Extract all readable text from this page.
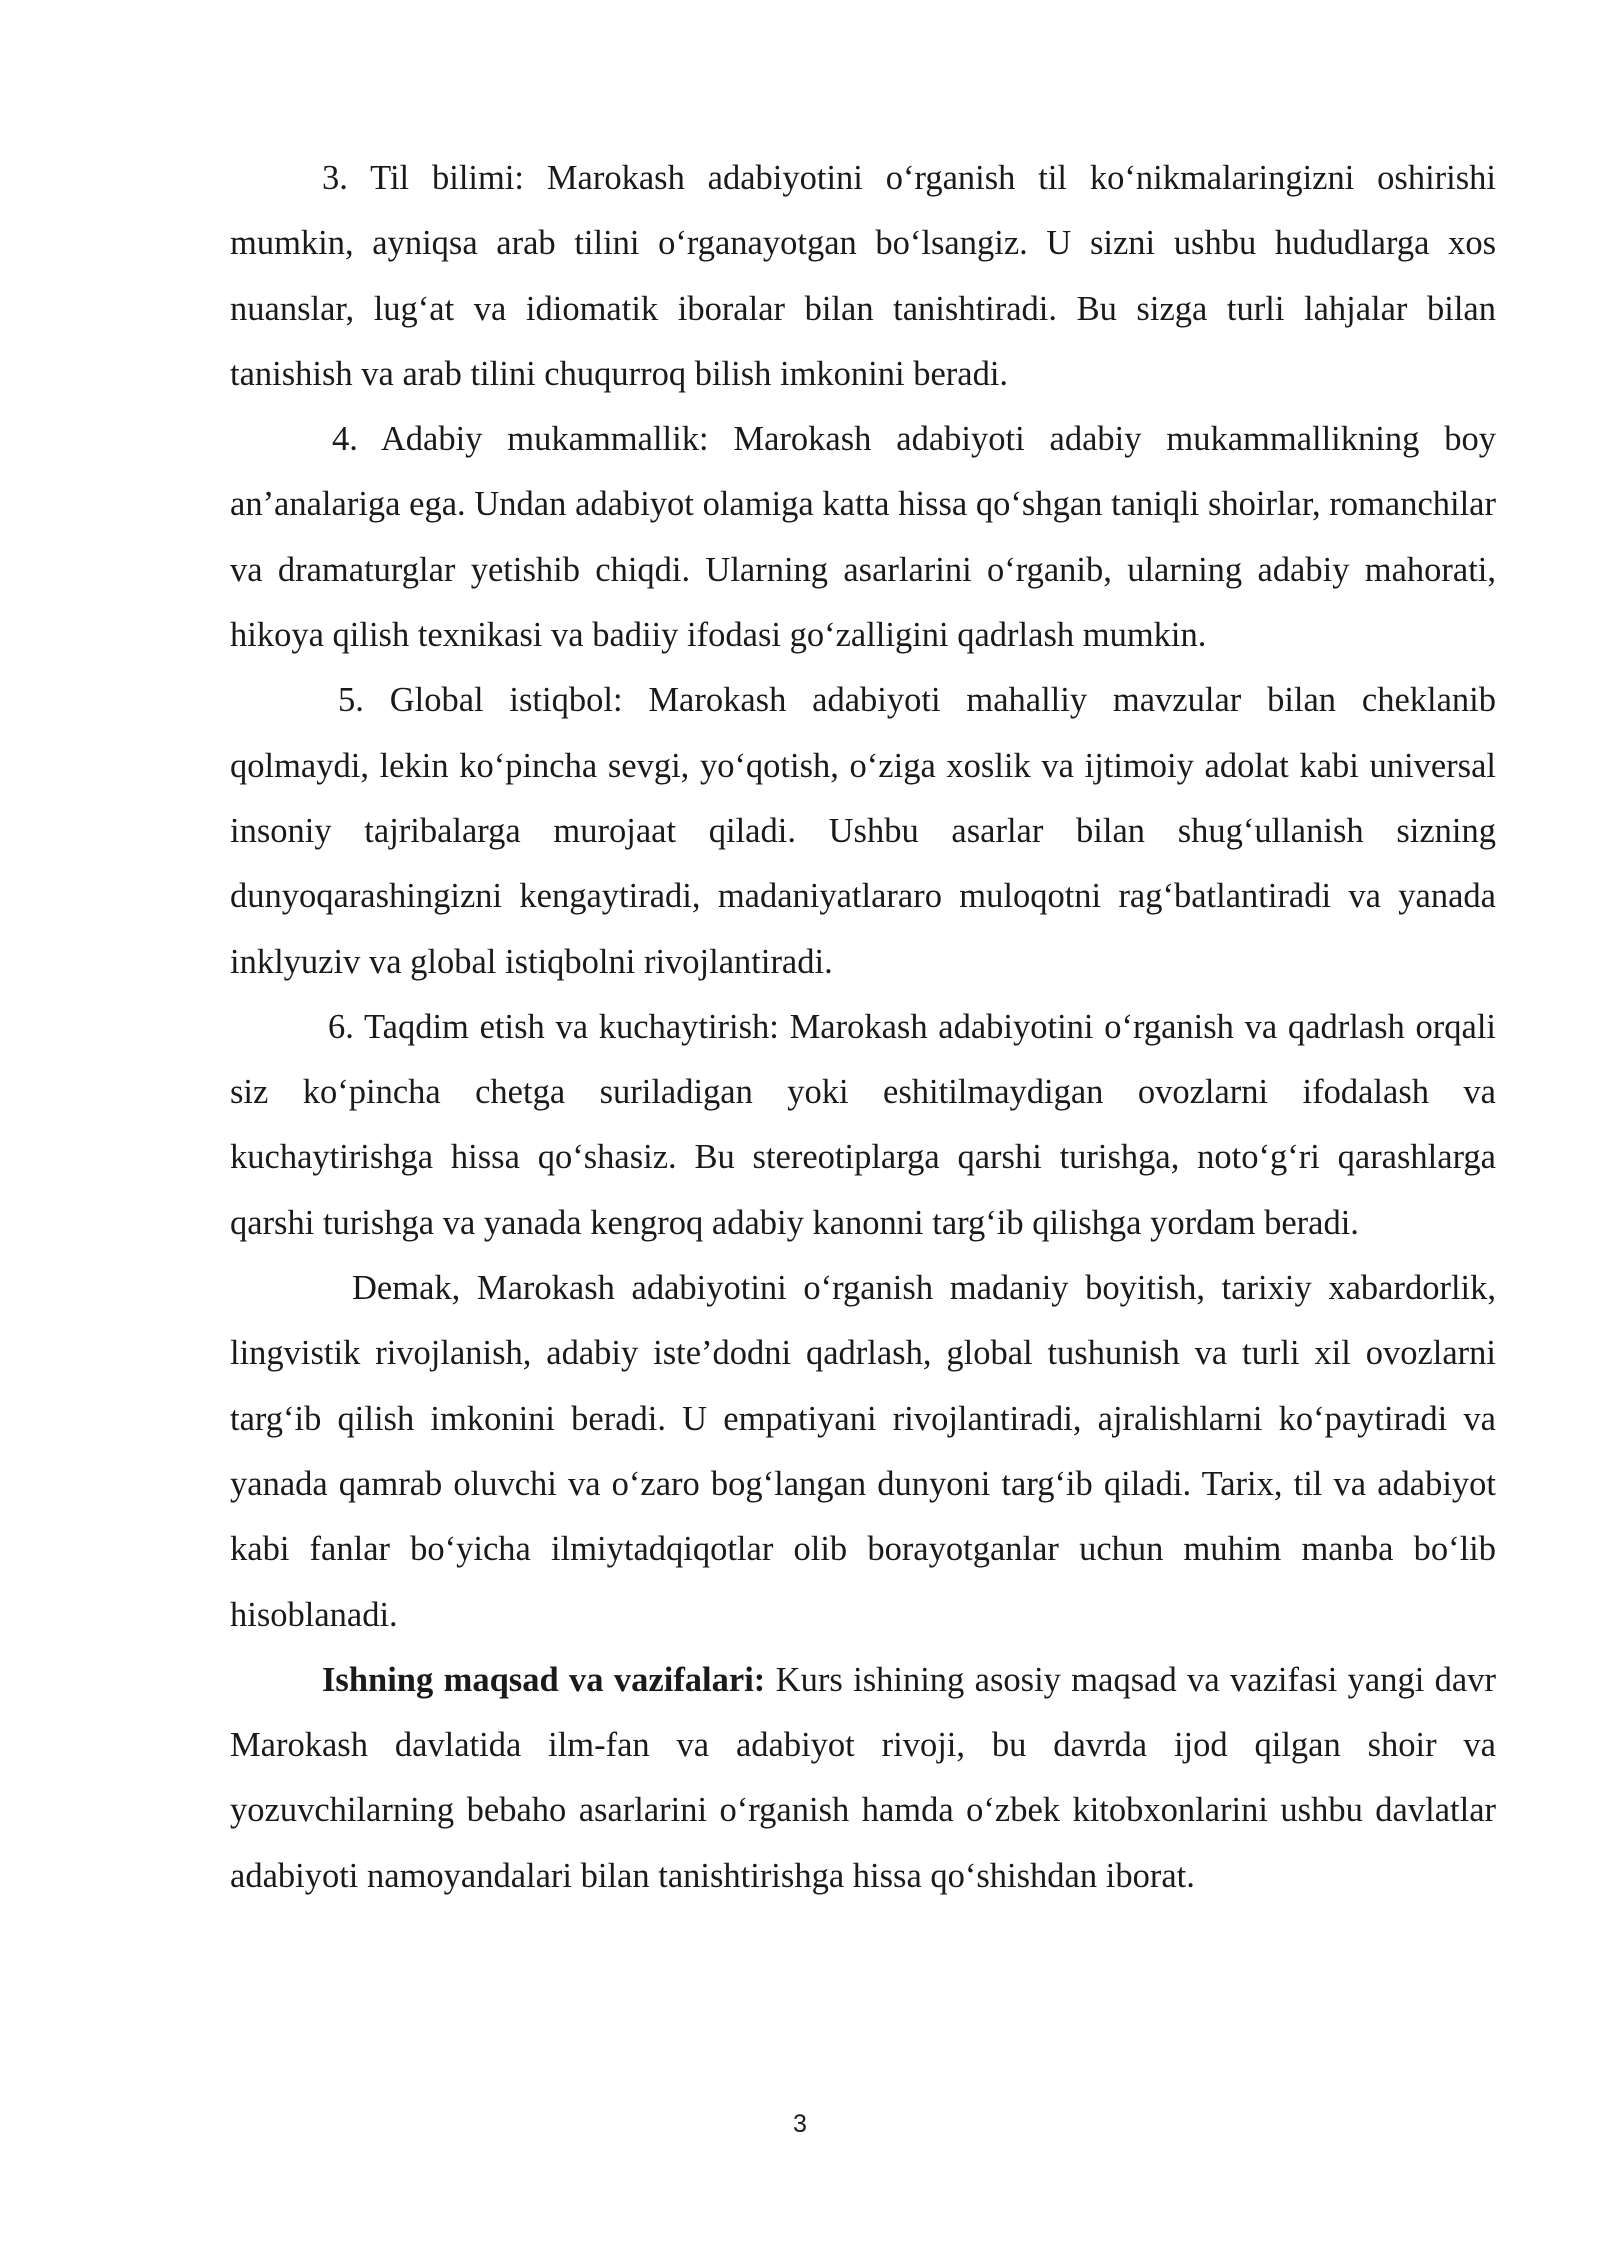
3. Til bilimi: Marokash adabiyotini o‘rganish til ko‘nikmalaringizni oshirishi mumkin, ayniqsa arab tilini o‘rganayotgan bo‘lsangiz. U sizni ushbu hududlarga xos nuanslar, lug‘at va idiomatik iboralar bilan tanishtiradi. Bu sizga turli lahjalar bilan tanishish va arab tilini chuqurroq bilish imkonini beradi.

4. Adabiy mukammallik: Marokash adabiyoti adabiy mukammallikning boy an’analariga ega. Undan adabiyot olamiga katta hissa qo‘shgan taniqli shoirlar, romanchilar va dramaturglar yetishib chiqdi. Ularning asarlarini o‘rganib, ularning adabiy mahorati, hikoya qilish texnikasi va badiiy ifodasi go‘zalligini qadrlash mumkin.

5. Global istiqbol: Marokash adabiyoti mahalliy mavzular bilan cheklanib qolmaydi, lekin ko‘pincha sevgi, yo‘qotish, o‘ziga xoslik va ijtimoiy adolat kabi universal insoniy tajribalarga murojaat qiladi. Ushbu asarlar bilan shug‘ullanish sizning dunyoqarashingizni kengaytiradi, madaniyatlararo muloqotni rag‘batlantiradi va yanada inklyuziv va global istiqbolni rivojlantiradi.

6. Taqdim etish va kuchaytirish: Marokash adabiyotini o‘rganish va qadrlash orqali siz ko‘pincha chetga suriladigan yoki eshitilmaydigan ovozlarni ifodalash va kuchaytirishga hissa qo‘shasiz. Bu stereotiplarga qarshi turishga, noto‘g‘ri qarashlarga qarshi turishga va yanada kengroq adabiy kanonni targ‘ib qilishga yordam beradi.

Demak, Marokash adabiyotini o‘rganish madaniy boyitish, tarixiy xabardorlik, lingvistik rivojlanish, adabiy iste’dodni qadrlash, global tushunish va turli xil ovozlarni targ‘ib qilish imkonini beradi. U empatiyani rivojlantiradi, ajralishlarni ko‘paytiradi va yanada qamrab oluvchi va o‘zaro bog‘langan dunyoni targ‘ib qiladi. Tarix, til va adabiyot kabi fanlar bo‘yicha ilmiytadqiqotlar olib borayotganlar uchun muhim manba bo‘lib hisoblanadi.

Ishning maqsad va vazifalari: Kurs ishining asosiy maqsad va vazifasi yangi davr Marokash davlatida ilm-fan va adabiyot rivoji, bu davrda ijod qilgan shoir va yozuvchilarning bebaho asarlarini o‘rganish hamda o‘zbek kitobxonlarini ushbu davlatlar adabiyoti namoyandalari bilan tanishtirishga hissa qo‘shishdan iborat.

3
